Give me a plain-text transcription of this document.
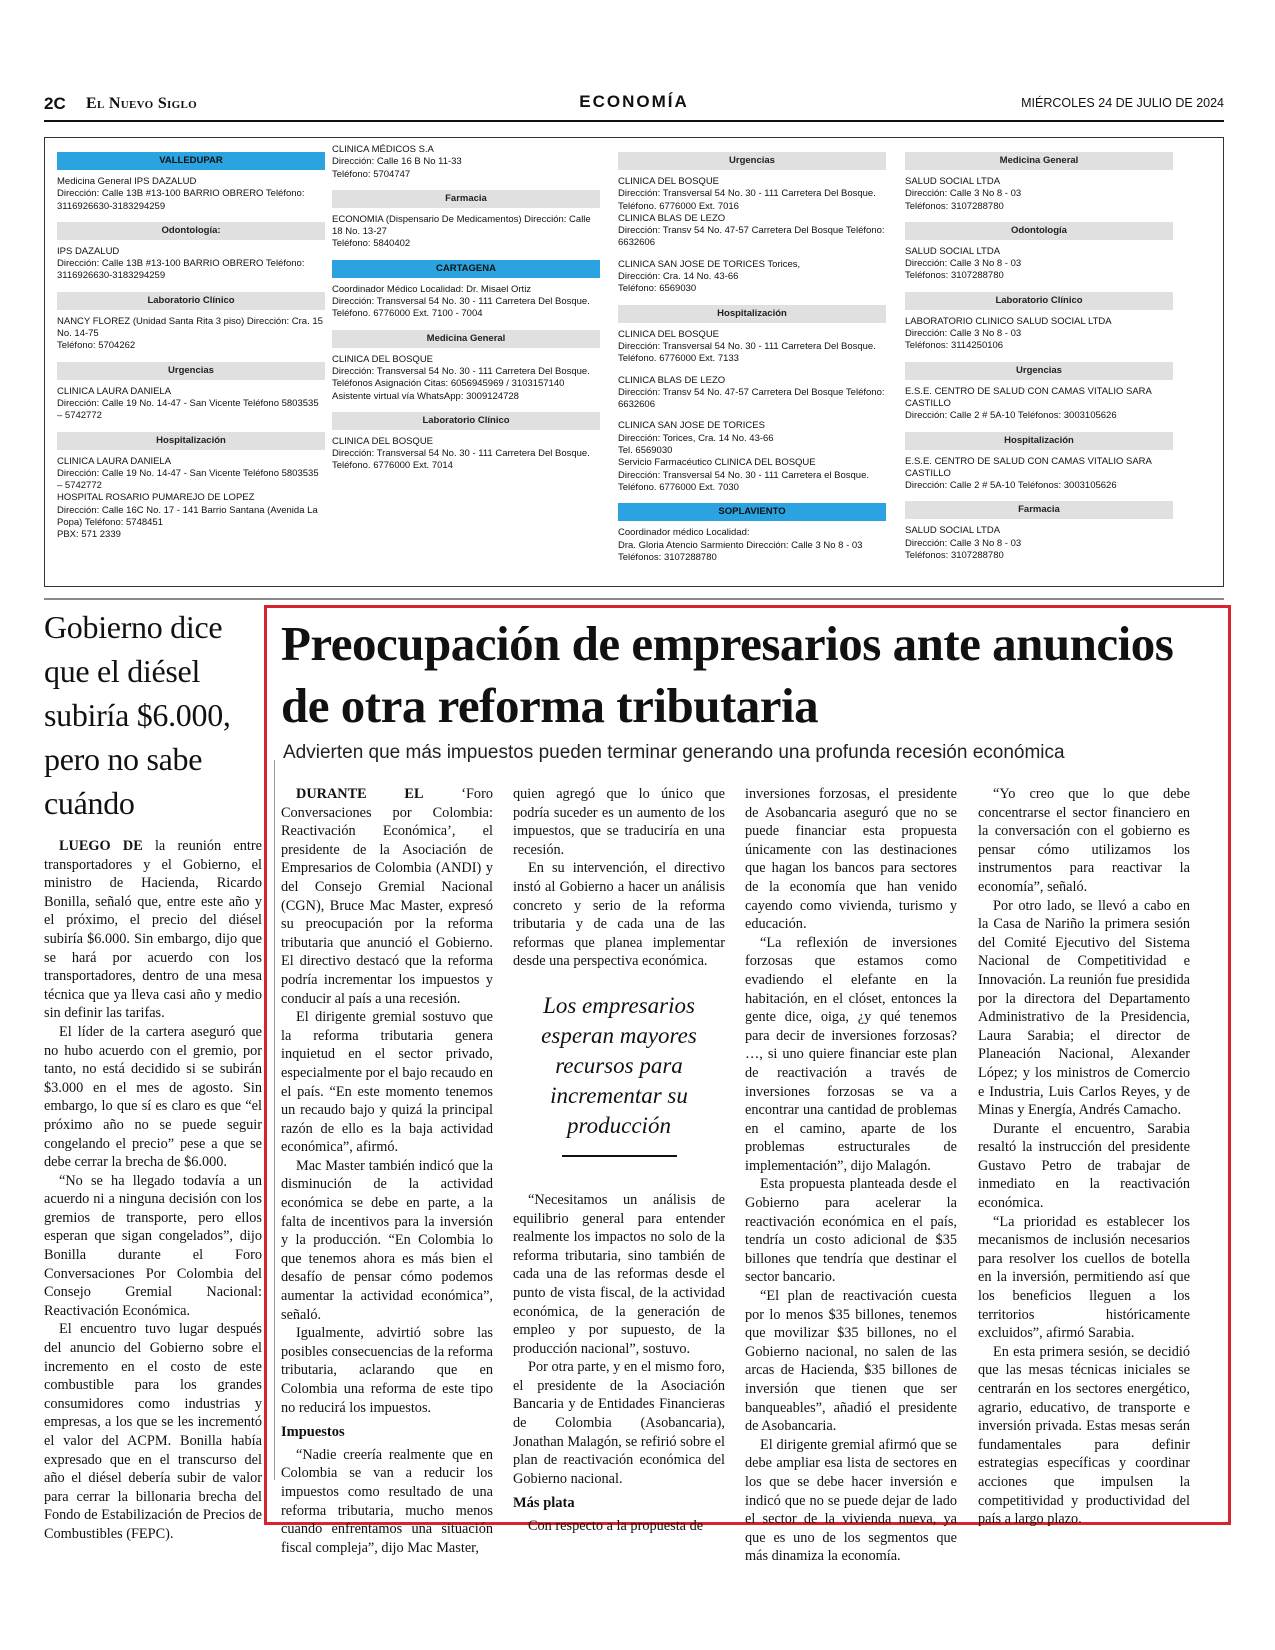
2C El Nuevo Siglo	ECONOMÍA	MIÉRCOLES 24 DE JULIO DE 2024
VALLEDUPAR
Medicina General IPS DAZALUD
Dirección: Calle 13B #13-100 BARRIO OBRERO Teléfono: 3116926630-3183294259
Odontología:
IPS DAZALUD
Dirección: Calle 13B #13-100 BARRIO OBRERO Teléfono: 3116926630-3183294259
Laboratorio Clínico
NANCY FLOREZ (Unidad Santa Rita 3 piso) Dirección: Cra. 15 No. 14-75
Teléfono: 5704262
Urgencias
CLINICA LAURA DANIELA
Dirección: Calle 19 No. 14-47 - San Vicente Teléfono 5803535 – 5742772
Hospitalización
CLINICA LAURA DANIELA
Dirección: Calle 19 No. 14-47 - San Vicente Teléfono 5803535 – 5742772
HOSPITAL ROSARIO PUMAREJO DE LOPEZ
Dirección: Calle 16C No. 17 - 141 Barrio Santana (Avenida La Popa) Teléfono: 5748451
PBX: 571 2339
CLINICA MÉDICOS S.A
Dirección: Calle 16 B No 11-33
Teléfono: 5704747
Farmacia
ECONOMIA (Dispensario De Medicamentos) Dirección: Calle 18 No. 13-27
Teléfono: 5840402
CARTAGENA
Coordinador Médico Localidad: Dr. Misael Ortiz
Dirección: Transversal 54 No. 30 - 111 Carretera Del Bosque.
Teléfono. 6776000 Ext. 7100 - 7004
Medicina General
CLINICA DEL BOSQUE
Dirección: Transversal 54 No. 30 - 111 Carretera Del Bosque.
Teléfonos Asignación Citas: 6056945969 / 3103157140 Asistente virtual vía WhatsApp: 3009124728
Laboratorio Clínico
CLINICA DEL BOSQUE
Dirección: Transversal 54 No. 30 - 111 Carretera Del Bosque.
Teléfono. 6776000 Ext. 7014
Urgencias
CLINICA DEL BOSQUE
Dirección: Transversal 54 No. 30 - 111 Carretera Del Bosque.
Teléfono. 6776000 Ext. 7016
CLINICA BLAS DE LEZO
Dirección: Transv 54 No. 47-57 Carretera Del Bosque Teléfono: 6632606
CLINICA SAN JOSE DE TORICES Torices,
Dirección: Cra. 14 No. 43-66
Teléfono: 6569030
Hospitalización
CLINICA DEL BOSQUE
Dirección: Transversal 54 No. 30 - 111 Carretera Del Bosque.
Teléfono. 6776000 Ext. 7133
CLINICA BLAS DE LEZO
Dirección: Transv 54 No. 47-57 Carretera Del Bosque Teléfono: 6632606
CLINICA SAN JOSE DE TORICES
Dirección: Torices, Cra. 14 No. 43-66
Tel. 6569030
Servicio Farmacéutico CLINICA DEL BOSQUE
Dirección: Transversal 54 No. 30 - 111 Carretera el Bosque. Teléfono. 6776000 Ext. 7030
SOPLAVIENTO
Coordinador médico Localidad:
Dra. Gloria Atencio Sarmiento Dirección: Calle 3 No 8 - 03
Teléfonos: 3107288780
Medicina General
SALUD SOCIAL LTDA
Dirección: Calle 3 No 8 - 03
Teléfonos: 3107288780
Odontología
SALUD SOCIAL LTDA
Dirección: Calle 3 No 8 - 03
Teléfonos: 3107288780
Laboratorio Clínico
LABORATORIO CLINICO SALUD SOCIAL LTDA
Dirección: Calle 3 No 8 - 03
Teléfonos: 3114250106
Urgencias
E.S.E. CENTRO DE SALUD CON CAMAS VITALIO SARA CASTILLO
Dirección: Calle 2 # 5A-10 Teléfonos: 3003105626
Hospitalización
E.S.E. CENTRO DE SALUD CON CAMAS VITALIO SARA CASTILLO
Dirección: Calle 2 # 5A-10 Teléfonos: 3003105626
Farmacia
SALUD SOCIAL LTDA
Dirección: Calle 3 No 8 - 03
Teléfonos: 3107288780
Gobierno dice que el diésel subiría $6.000, pero no sabe cuándo

LUEGO DE la reunión entre transportadores y el Gobierno, el ministro de Hacienda, Ricardo Bonilla, señaló que, entre este año y el próximo, el precio del diésel subiría $6.000. Sin embargo, dijo que se hará por acuerdo con los transportadores, dentro de una mesa técnica que ya lleva casi año y medio sin definir las tarifas.

El líder de la cartera aseguró que no hubo acuerdo con el gremio, por tanto, no está decidido si se subirán $3.000 en el mes de agosto. Sin embargo, lo que sí es claro es que “el próximo año no se puede seguir congelando el precio” pese a que se debe cerrar la brecha de $6.000.

“No se ha llegado todavía a un acuerdo ni a ninguna decisión con los gremios de transporte, pero ellos esperan que sigan congelados”, dijo Bonilla durante el Foro Conversaciones Por Colombia del Consejo Gremial Nacional: Reactivación Económica.

El encuentro tuvo lugar después del anuncio del Gobierno sobre el incremento en el costo de este combustible para los grandes consumidores como industrias y empresas, a los que se les incrementó el valor del ACPM. Bonilla había expresado que en el transcurso del año el diésel debería subir de valor para cerrar la billonaria brecha del Fondo de Estabilización de Precios de Combustibles (FEPC).

Preocupación de empresarios ante anuncios de otra reforma tributaria

Advierten que más impuestos pueden terminar generando una profunda recesión económica

DURANTE EL ‘Foro Conversaciones por Colombia: Reactivación Económica’, el presidente de la Asociación de Empresarios de Colombia (ANDI) y del Consejo Gremial Nacional (CGN), Bruce Mac Master, expresó su preocupación por la reforma tributaria que anunció el Gobierno. El directivo destacó que la reforma podría incrementar los impuestos y conducir al país a una recesión.

El dirigente gremial sostuvo que la reforma tributaria genera inquietud en el sector privado, especialmente por el bajo recaudo en el país. “En este momento tenemos un recaudo bajo y quizá la principal razón de ello es la baja actividad económica”, afirmó.

Mac Master también indicó que la disminución de la actividad económica se debe en parte, a la falta de incentivos para la inversión y la producción. “En Colombia lo que tenemos ahora es más bien el desafío de pensar cómo podemos aumentar la actividad económica”, señaló.

Igualmente, advirtió sobre las posibles consecuencias de la reforma tributaria, aclarando que en Colombia una reforma de este tipo no reducirá los impuestos.

Impuestos

“Nadie creería realmente que en Colombia se van a reducir los impuestos como resultado de una reforma tributaria, mucho menos cuando enfrentamos una situación fiscal compleja”, dijo Mac Master,

quien agregó que lo único que podría suceder es un aumento de los impuestos, que se traduciría en una recesión.

En su intervención, el directivo instó al Gobierno a hacer un análisis concreto y serio de la reforma tributaria y de cada una de las reformas que planea implementar desde una perspectiva económica.

Los empresarios esperan mayores recursos para incrementar su producción

“Necesitamos un análisis de equilibrio general para entender realmente los impactos no solo de la reforma tributaria, sino también de cada una de las reformas desde el punto de vista fiscal, de la actividad económica, de la generación de empleo y por supuesto, de la producción nacional”, sostuvo.

Por otra parte, y en el mismo foro, el presidente de la Asociación Bancaria y de Entidades Financieras de Colombia (Asobancaria), Jonathan Malagón, se refirió sobre el plan de reactivación económica del Gobierno nacional.

Más plata

Con respecto a la propuesta de

inversiones forzosas, el presidente de Asobancaria aseguró que no se puede financiar esta propuesta únicamente con las destinaciones que hagan los bancos para sectores de la economía que han venido cayendo como vivienda, turismo y educación.

“La reflexión de inversiones forzosas que estamos como evadiendo el elefante en la habitación, en el clóset, entonces la gente dice, oiga, ¿y qué tenemos para decir de inversiones forzosas? …, si uno quiere financiar este plan de reactivación a través de inversiones forzosas se va a encontrar una cantidad de problemas en el camino, aparte de los problemas estructurales de implementación”, dijo Malagón.

Esta propuesta planteada desde el Gobierno para acelerar la reactivación económica en el país, tendría un costo adicional de $35 billones que tendría que destinar el sector bancario.

“El plan de reactivación cuesta por lo menos $35 billones, tenemos que movilizar $35 billones, no el Gobierno nacional, no salen de las arcas de Hacienda, $35 billones de inversión que tienen que ser banqueables”, añadió el presidente de Asobancaria.

El dirigente gremial afirmó que se debe ampliar esa lista de sectores en los que se debe hacer inversión e indicó que no se puede dejar de lado el sector de la vivienda nueva, ya que es uno de los segmentos que más dinamiza la economía.

“Yo creo que lo que debe concentrarse el sector financiero en la conversación con el gobierno es pensar cómo utilizamos los instrumentos para reactivar la economía”, señaló.

Por otro lado, se llevó a cabo en la Casa de Nariño la primera sesión del Comité Ejecutivo del Sistema Nacional de Competitividad e Innovación. La reunión fue presidida por la directora del Departamento Administrativo de la Presidencia, Laura Sarabia; el director de Planeación Nacional, Alexander López; y los ministros de Comercio e Industria, Luis Carlos Reyes, y de Minas y Energía, Andrés Camacho.

Durante el encuentro, Sarabia resaltó la instrucción del presidente Gustavo Petro de trabajar de inmediato en la reactivación económica.

“La prioridad es establecer los mecanismos de inclusión necesarios para resolver los cuellos de botella en la inversión, permitiendo así que los beneficios lleguen a los territorios históricamente excluidos”, afirmó Sarabia.

En esta primera sesión, se decidió que las mesas técnicas iniciales se centrarán en los sectores energético, agrario, educativo, de transporte e inversión privada. Estas mesas serán fundamentales para definir estrategias específicas y coordinar acciones que impulsen la competitividad y productividad del país a largo plazo.
